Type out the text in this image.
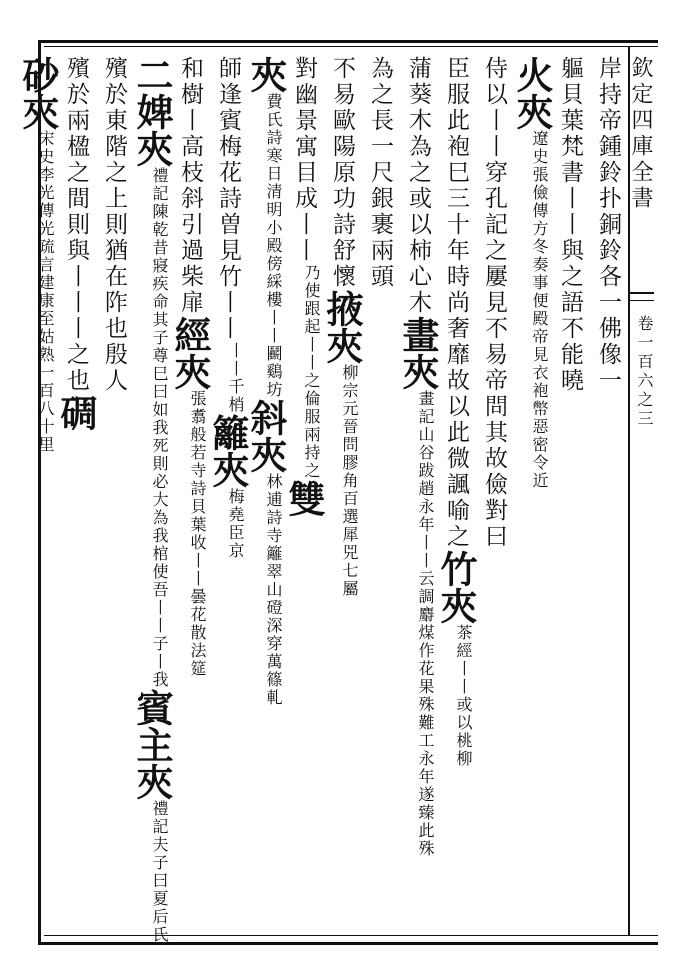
欽定四庫全書
卷一百六之三
岸持帝鍾鈴扑銅鈴各一佛像一
軀貝葉梵書丨丨與之語不能曉
火夾遼史張儉傳方冬奏事便殿帝見衣袍幣惡密令近
侍以丨丨穿孔記之屢見不易帝問其故儉對曰
臣服此袍巳三十年時尚奢靡故以此微諷喻之竹夾茶經丨丨或以桃柳
蒲葵木為之或以柿心木畫夾畫記山谷跋趙永年丨丨云調麝煤作花果殊難工永年遂臻此殊
為之長一尺銀裹兩頭
不易歐陽原功詩舒懷掖夾柳宗元晉問膠角百選犀兕七屬
對幽景寓目成丨丨乃使跟起丨丨之倫服兩持之雙
夾費氏詩寒日清明小殿傍綵樓丨丨鬬鷄坊斜夾林逋詩寺籬翠山磴深穿萬篠軋
師逢賓梅花詩曽見竹丨丨丨丨千梢籬夾梅堯臣京
和樹丨高枝斜引過柴扉經夾張翥般若寺詩貝葉收丨丨曇花散法筵
二婢夾禮記陳乾昔寢疾命其子尊巳曰如我死則必大為我棺使吾丨丨子丨我賓主夾禮記夫子曰夏后氏
殯於東階之上則猶在阼也殷人
殯於兩楹之間則與丨丨丨之也碉
砂夾宋史李光傳光疏言建康至姑熟一百八十里
